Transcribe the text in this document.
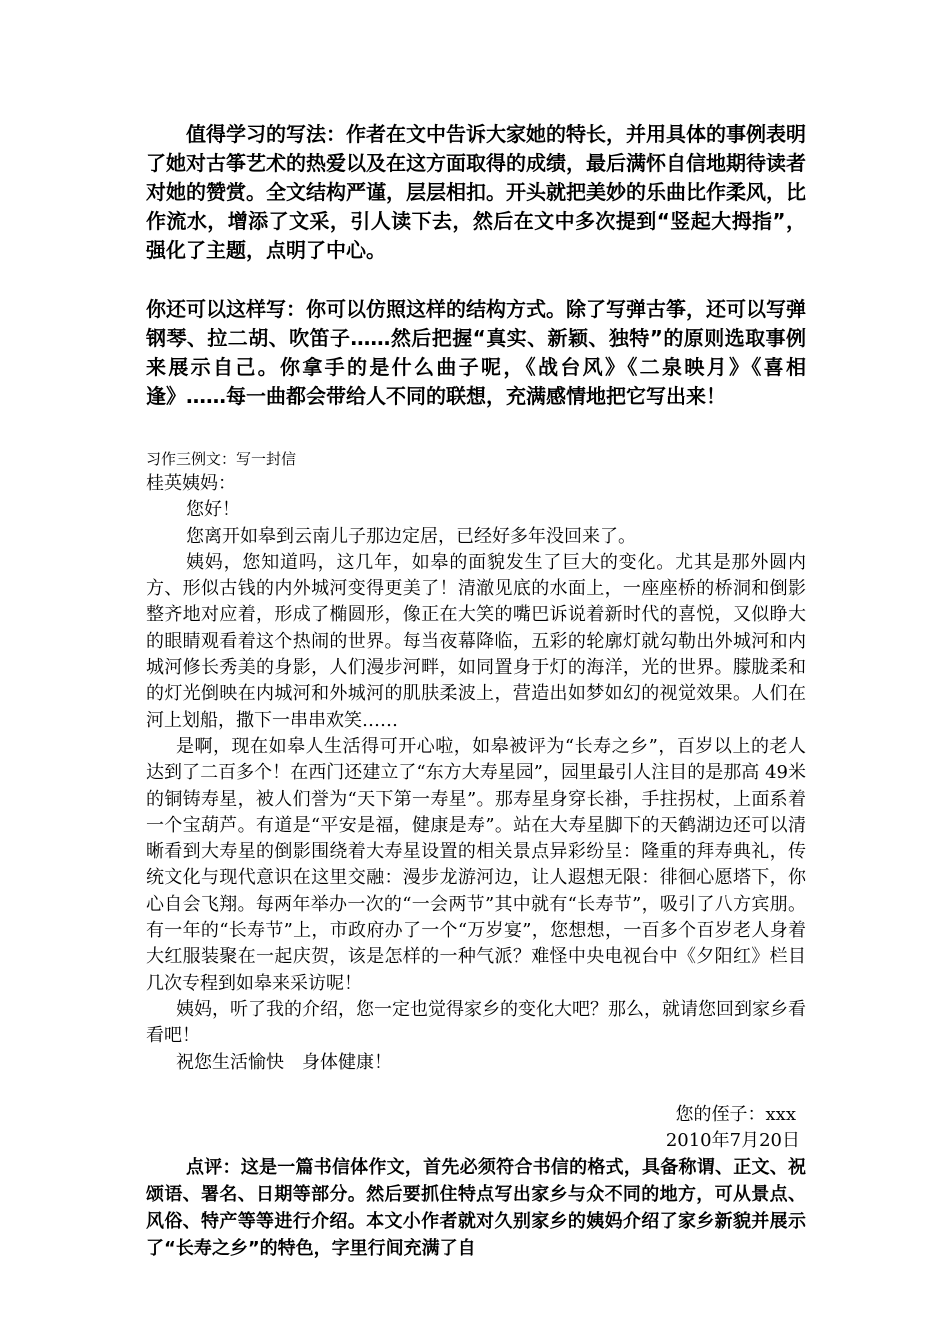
值得学习的写法：作者在文中告诉大家她的特长，并用具体的事例表明了她对古筝艺术的热爱以及在这方面取得的成绩，最后满怀自信地期待读者对她的赞赏。全文结构严谨，层层相扣。开头就把美妙的乐曲比作柔风，比作流水，增添了文采，引人读下去，然后在文中多次提到“竖起大拇指”，强化了主题，点明了中心。

你还可以这样写：你可以仿照这样的结构方式。除了写弹古筝，还可以写弹钢琴、拉二胡、吹笛子……然后把握“真实、新颖、独特”的原则选取事例来展示自己。你拿手的是什么曲子呢，《战台风》《二泉映月》《喜相逢》……每一曲都会带给人不同的联想，充满感情地把它写出来！

习作三例文：写一封信

桂英姨妈：

您好！

您离开如皋到云南儿子那边定居，已经好多年没回来了。

姨妈，您知道吗，这几年，如皋的面貌发生了巨大的变化。尤其是那外圆内方、形似古钱的内外城河变得更美了！清澈见底的水面上，一座座桥的桥洞和倒影整齐地对应着，形成了椭圆形，像正在大笑的嘴巴诉说着新时代的喜悦，又似睁大的眼睛观看着这个热闹的世界。每当夜幕降临，五彩的轮廓灯就勾勒出外城河和内城河修长秀美的身影，人们漫步河畔，如同置身于灯的海洋，光的世界。朦胧柔和的灯光倒映在内城河和外城河的肌肤柔波上，营造出如梦如幻的视觉效果。人们在河上划船，撒下一串串欢笑……

是啊，现在如皋人生活得可开心啦，如皋被评为“长寿之乡”，百岁以上的老人达到了二百多个！在西门还建立了“东方大寿星园”，园里最引人注目的是那高 49米的铜铸寿星，被人们誉为“天下第一寿星”。那寿星身穿长褂，手拄拐杖，上面系着一个宝葫芦。有道是“平安是福，健康是寿”。站在大寿星脚下的天鹤湖边还可以清晰看到大寿星的倒影围绕着大寿星设置的相关景点异彩纷呈：隆重的拜寿典礼，传统文化与现代意识在这里交融：漫步龙游河边，让人遐想无限：徘徊心愿塔下，你心自会飞翔。每两年举办一次的“一会两节”其中就有“长寿节”，吸引了八方宾朋。有一年的“长寿节”上，市政府办了一个“万岁宴”，您想想，一百多个百岁老人身着大红服装聚在一起庆贺，该是怎样的一种气派？难怪中央电视台中《夕阳红》栏目几次专程到如皋来采访呢！

姨妈，听了我的介绍，您一定也觉得家乡的变化大吧？那么，就请您回到家乡看看吧！

祝您生活愉快　身体健康！

您的侄子：xxx

2010年7月20日

点评：这是一篇书信体作文，首先必须符合书信的格式，具备称谓、正文、祝颂语、署名、日期等部分。然后要抓住特点写出家乡与众不同的地方，可从景点、风俗、特产等等进行介绍。本文小作者就对久别家乡的姨妈介绍了家乡新貌并展示了“长寿之乡”的特色，字里行间充满了自
